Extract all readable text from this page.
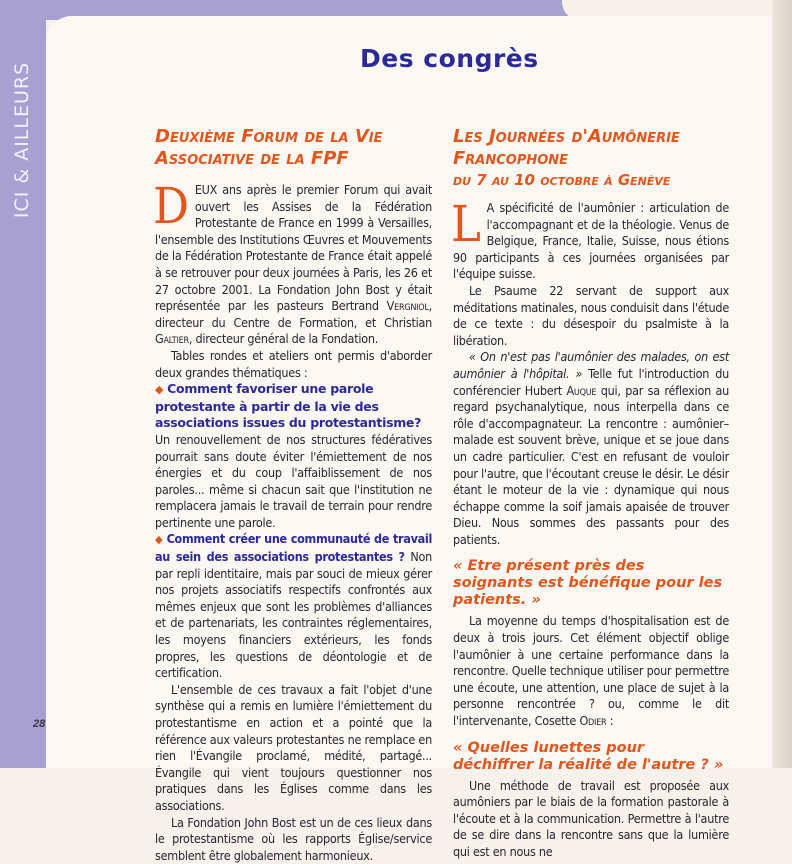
ICI & AILLEURS
Des congrès
Deuxième Forum de la Vie
Associative de la FPF

DEUX ans après le premier Forum qui avait ouvert les Assises de la Fédération Protestante de France en 1999 à Versailles, l'ensemble des Institutions Œuvres et Mouvements de la Fédération Protestante de France était appelé à se retrouver pour deux journées à Paris, les 26 et 27 octobre 2001. La Fondation John Bost y était représentée par les pasteurs Bertrand Vergniol, directeur du Centre de Formation, et Christian Galtier, directeur général de la Fondation.

Tables rondes et ateliers ont permis d'aborder deux grandes thématiques :

◆ Comment favoriser une parole protestante à partir de la vie des associations issues du protestantisme?

Un renouvellement de nos structures fédératives pourrait sans doute éviter l'émiettement de nos énergies et du coup l'affaiblissement de nos paroles... même si chacun sait que l'institution ne remplacera jamais le travail de terrain pour rendre pertinente une parole.

◆ Comment créer une communauté de travail au sein des associations protestantes ? Non par repli identitaire, mais par souci de mieux gérer nos projets associatifs respectifs confrontés aux mêmes enjeux que sont les problèmes d'alliances et de partenariats, les contraintes réglementaires, les moyens financiers extérieurs, les fonds propres, les questions de déontologie et de certification.

L'ensemble de ces travaux a fait l'objet d'une synthèse qui a remis en lumière l'émiettement du protestantisme en action et a pointé que la référence aux valeurs protestantes ne remplace en rien l'Évangile proclamé, médité, partagé... Évangile qui vient toujours questionner nos pratiques dans les Églises comme dans les associations.

La Fondation John Bost est un de ces lieux dans le protestantisme où les rapports Église/service semblent être globalement harmonieux.

Les Journées d'Aumônerie
Francophone
du 7 au 10 octobre à Genève

L A spécificité de l'aumônier : articulation de l'accompagnant et de la théologie. Venus de Belgique, France, Italie, Suisse, nous étions 90 participants à ces journées organisées par l'équipe suisse.

Le Psaume 22 servant de support aux méditations matinales, nous conduisit dans l'étude de ce texte : du désespoir du psalmiste à la libération.

« On n'est pas l'aumônier des malades, on est aumônier à l'hôpital. » Telle fut l'introduction du conférencier Hubert Auque qui, par sa réflexion au regard psychanalytique, nous interpella dans ce rôle d'accompagnateur. La rencontre : aumônier–malade est souvent brève, unique et se joue dans un cadre particulier. C'est en refusant de vouloir pour l'autre, que l'écoutant creuse le désir. Le désir étant le moteur de la vie : dynamique qui nous échappe comme la soif jamais apaisée de trouver Dieu. Nous sommes des passants pour des patients.

« Etre présent près des soignants est bénéfique pour les patients. »

La moyenne du temps d'hospitalisation est de deux à trois jours. Cet élément objectif oblige l'aumônier à une certaine performance dans la rencontre. Quelle technique utiliser pour permettre une écoute, une attention, une place de sujet à la personne rencontrée ? ou, comme le dit l'intervenante, Cosette Odier :

« Quelles lunettes pour déchiffrer la réalité de l'autre ? »

Une méthode de travail est proposée aux aumôniers par le biais de la formation pastorale à l'écoute et à la communication. Permettre à l'autre de se dire dans la rencontre sans que la lumière qui est en nous ne

28
